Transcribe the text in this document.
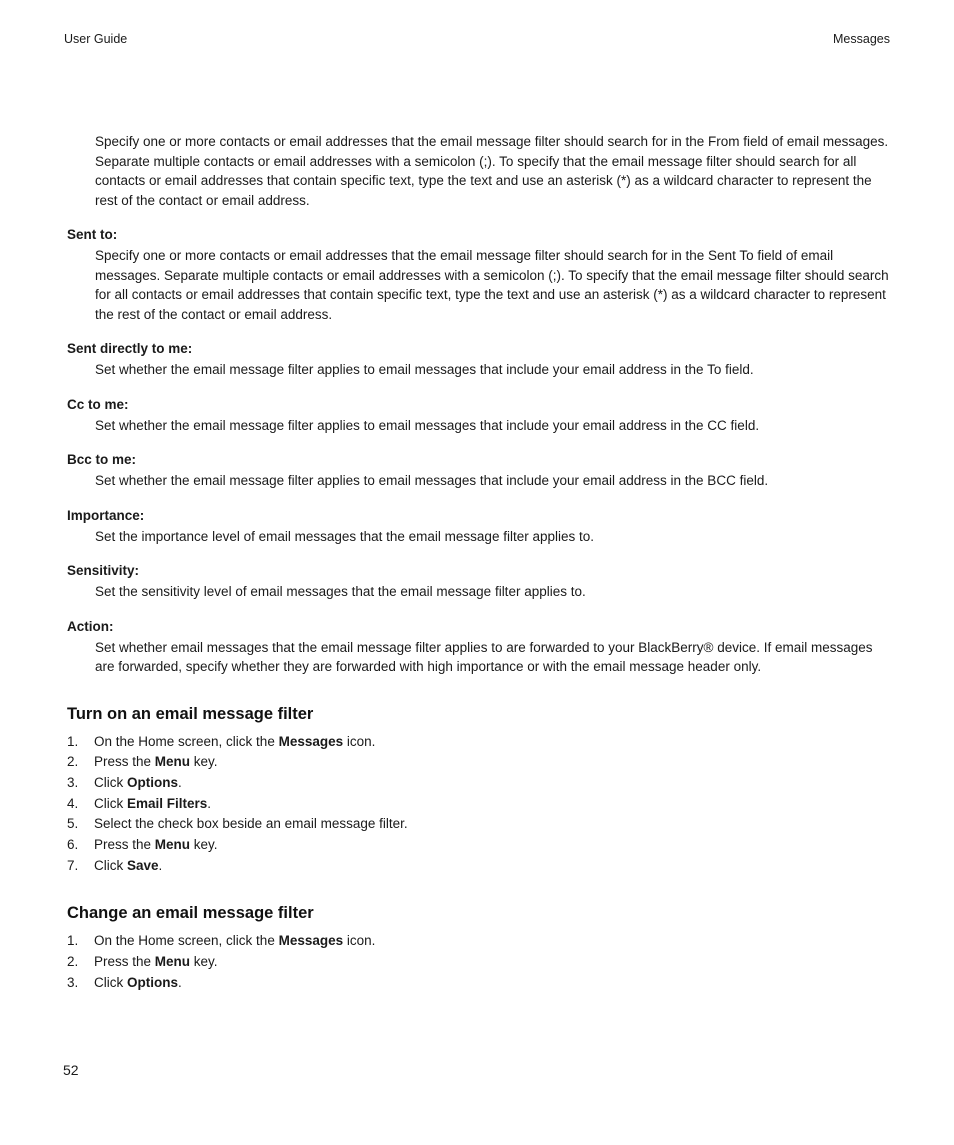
User Guide	Messages

Specify one or more contacts or email addresses that the email message filter should search for in the From field of email messages. Separate multiple contacts or email addresses with a semicolon (;). To specify that the email message filter should search for all contacts or email addresses that contain specific text, type the text and use an asterisk (*) as a wildcard character to represent the rest of the contact or email address.

Sent to:

Specify one or more contacts or email addresses that the email message filter should search for in the Sent To field of email messages. Separate multiple contacts or email addresses with a semicolon (;). To specify that the email message filter should search for all contacts or email addresses that contain specific text, type the text and use an asterisk (*) as a wildcard character to represent the rest of the contact or email address.

Sent directly to me:

Set whether the email message filter applies to email messages that include your email address in the To field.

Cc to me:

Set whether the email message filter applies to email messages that include your email address in the CC field.

Bcc to me:

Set whether the email message filter applies to email messages that include your email address in the BCC field.

Importance:

Set the importance level of email messages that the email message filter applies to.

Sensitivity:

Set the sensitivity level of email messages that the email message filter applies to.

Action:

Set whether email messages that the email message filter applies to are forwarded to your BlackBerry® device. If email messages are forwarded, specify whether they are forwarded with high importance or with the email message header only.

Turn on an email message filter
1. On the Home screen, click the Messages icon.
2. Press the Menu key.
3. Click Options.
4. Click Email Filters.
5. Select the check box beside an email message filter.
6. Press the Menu key.
7. Click Save.
Change an email message filter
1. On the Home screen, click the Messages icon.
2. Press the Menu key.
3. Click Options.
52
